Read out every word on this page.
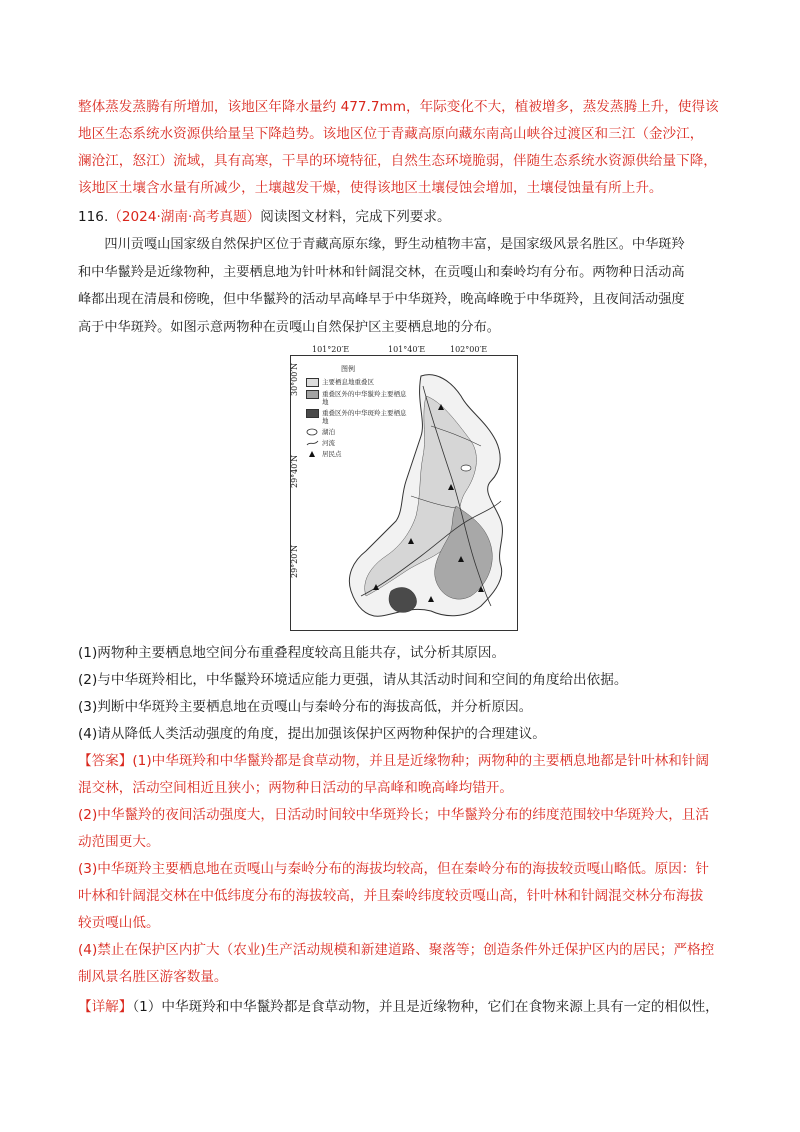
整体蒸发蒸腾有所增加，该地区年降水量约 477.7mm，年际变化不大，植被增多，蒸发蒸腾上升，使得该

地区生态系统水资源供给量呈下降趋势。该地区位于青藏高原向藏东南高山峡谷过渡区和三江（金沙江，

澜沧江，怒江）流域，具有高寒，干旱的环境特征，自然生态环境脆弱，伴随生态系统水资源供给量下降，

该地区土壤含水量有所减少，土壤越发干燥，使得该地区土壤侵蚀会增加，土壤侵蚀量有所上升。

116.（2024·湖南·高考真题）阅读图文材料，完成下列要求。

四川贡嘎山国家级自然保护区位于青藏高原东缘，野生动植物丰富，是国家级风景名胜区。中华斑羚

和中华鬣羚是近缘物种，主要栖息地为针叶林和针阔混交林，在贡嘎山和秦岭均有分布。两物种日活动高

峰都出现在清晨和傍晚，但中华鬣羚的活动早高峰早于中华斑羚，晚高峰晚于中华斑羚，且夜间活动强度

高于中华斑羚。如图示意两物种在贡嘎山自然保护区主要栖息地的分布。

101°20′E	101°40′E	102°00′E
30°00′N
29°40′N
29°20′N
图例
主要栖息地重叠区
重叠区外的中华鬣羚主要栖息地
重叠区外的中华斑羚主要栖息地
湖泊
河流
居民点

(1)两物种主要栖息地空间分布重叠程度较高且能共存，试分析其原因。

(2)与中华斑羚相比，中华鬣羚环境适应能力更强，请从其活动时间和空间的角度给出依据。

(3)判断中华斑羚主要栖息地在贡嘎山与秦岭分布的海拔高低，并分析原因。

(4)请从降低人类活动强度的角度，提出加强该保护区两物种保护的合理建议。

【答案】(1)中华斑羚和中华鬣羚都是食草动物，并且是近缘物种；两物种的主要栖息地都是针叶林和针阔

混交林，活动空间相近且狭小；两物种日活动的早高峰和晚高峰均错开。

(2)中华鬣羚的夜间活动强度大，日活动时间较中华斑羚长；中华鬣羚分布的纬度范围较中华斑羚大，且活

动范围更大。

(3)中华斑羚主要栖息地在贡嘎山与秦岭分布的海拔均较高，但在秦岭分布的海拔较贡嘎山略低。原因：针

叶林和针阔混交林在中低纬度分布的海拔较高，并且秦岭纬度较贡嘎山高，针叶林和针阔混交林分布海拔

较贡嘎山低。

(4)禁止在保护区内扩大（农业)生产活动规模和新建道路、聚落等；创造条件外迁保护区内的居民；严格控

制风景名胜区游客数量。

【详解】（1）中华斑羚和中华鬣羚都是食草动物，并且是近缘物种，它们在食物来源上具有一定的相似性，
